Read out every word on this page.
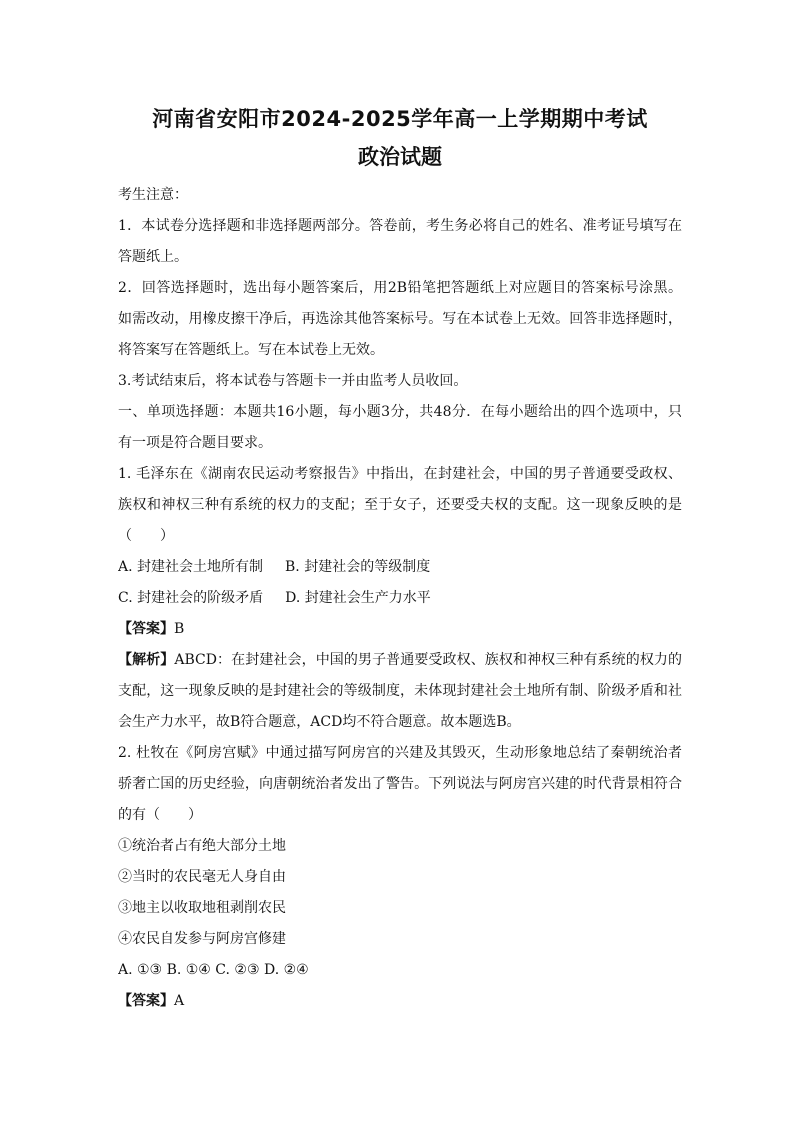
河南省安阳市2024-2025学年高一上学期期中考试
政治试题

考生注意：

1．本试卷分选择题和非选择题两部分。答卷前，考生务必将自己的姓名、准考证号填写在

答题纸上。

2．回答选择题时，选出每小题答案后，用2B铅笔把答题纸上对应题目的答案标号涂黑。

如需改动，用橡皮擦干净后，再选涂其他答案标号。写在本试卷上无效。回答非选择题时，

将答案写在答题纸上。写在本试卷上无效。

3.考试结束后，将本试卷与答题卡一并由监考人员收回。

一、单项选择题：本题共16小题，每小题3分，共48分．在每小题给出的四个选项中，只

有一项是符合题目要求。

1. 毛泽东在《湖南农民运动考察报告》中指出，在封建社会，中国的男子普通要受政权、

族权和神权三种有系统的权力的支配；至于女子，还要受夫权的支配。这一现象反映的是

（　　）

A. 封建社会土地所有制 B. 封建社会的等级制度

C. 封建社会的阶级矛盾 D. 封建社会生产力水平

【答案】B

【解析】ABCD：在封建社会，中国的男子普通要受政权、族权和神权三种有系统的权力的

支配，这一现象反映的是封建社会的等级制度，未体现封建社会土地所有制、阶级矛盾和社

会生产力水平，故B符合题意，ACD均不符合题意。故本题选B。

2. 杜牧在《阿房宫赋》中通过描写阿房宫的兴建及其毁灭，生动形象地总结了秦朝统治者

骄奢亡国的历史经验，向唐朝统治者发出了警告。下列说法与阿房宫兴建的时代背景相符合

的有（　　）

①统治者占有绝大部分土地

②当时的农民毫无人身自由

③地主以收取地租剥削农民

④农民自发参与阿房宫修建

A. ①③ B. ①④ C. ②③ D. ②④

【答案】A
